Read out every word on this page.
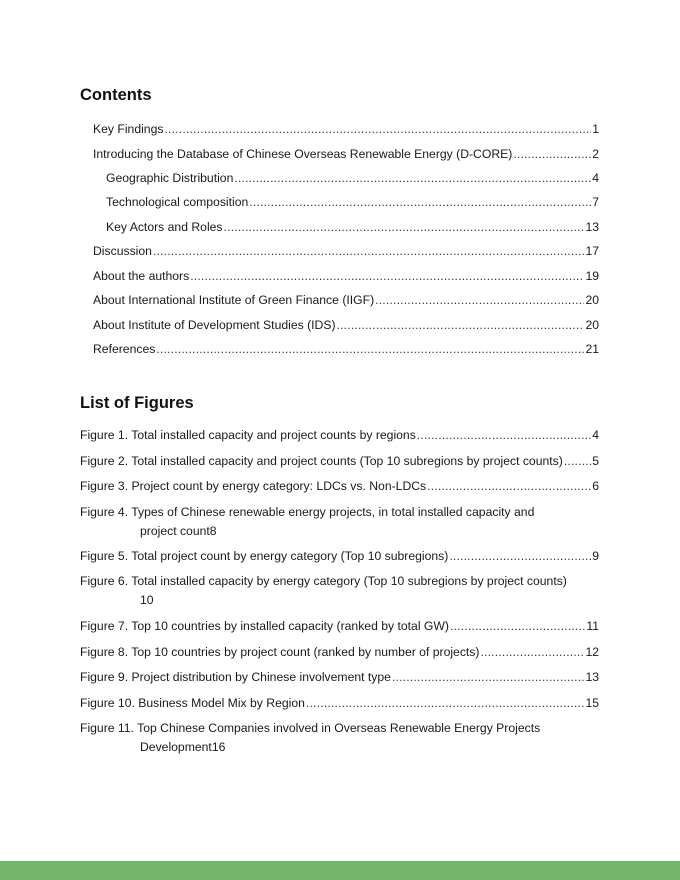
Contents
Key Findings . . .	1
Introducing the Database of Chinese Overseas Renewable Energy (D-CORE) . . .	2
Geographic Distribution . . .	4
Technological composition . . .	7
Key Actors and Roles . . .	13
Discussion . . .	17
About the authors . . .	19
About International Institute of Green Finance (IIGF) . . .	20
About Institute of Development Studies (IDS) . . .	20
References . . .	21
List of Figures
Figure 1. Total installed capacity and project counts by regions . . .	4
Figure 2. Total installed capacity and project counts (Top 10 subregions by project counts) . . . 5
Figure 3. Project count by energy category: LDCs vs. Non-LDCs . . .	6
Figure 4. Types of Chinese renewable energy projects, in total installed capacity and
project count 8
Figure 5. Total project count by energy category (Top 10 subregions) . . .	9
Figure 6. Total installed capacity by energy category (Top 10 subregions by project counts)
10
Figure 7. Top 10 countries by installed capacity (ranked by total GW) . . .	11
Figure 8. Top 10 countries by project count (ranked by number of projects) . . .	12
Figure 9. Project distribution by Chinese involvement type . . .	13
Figure 10. Business Model Mix by Region . . .	15
Figure 11. Top Chinese Companies involved in Overseas Renewable Energy Projects
Development 16
